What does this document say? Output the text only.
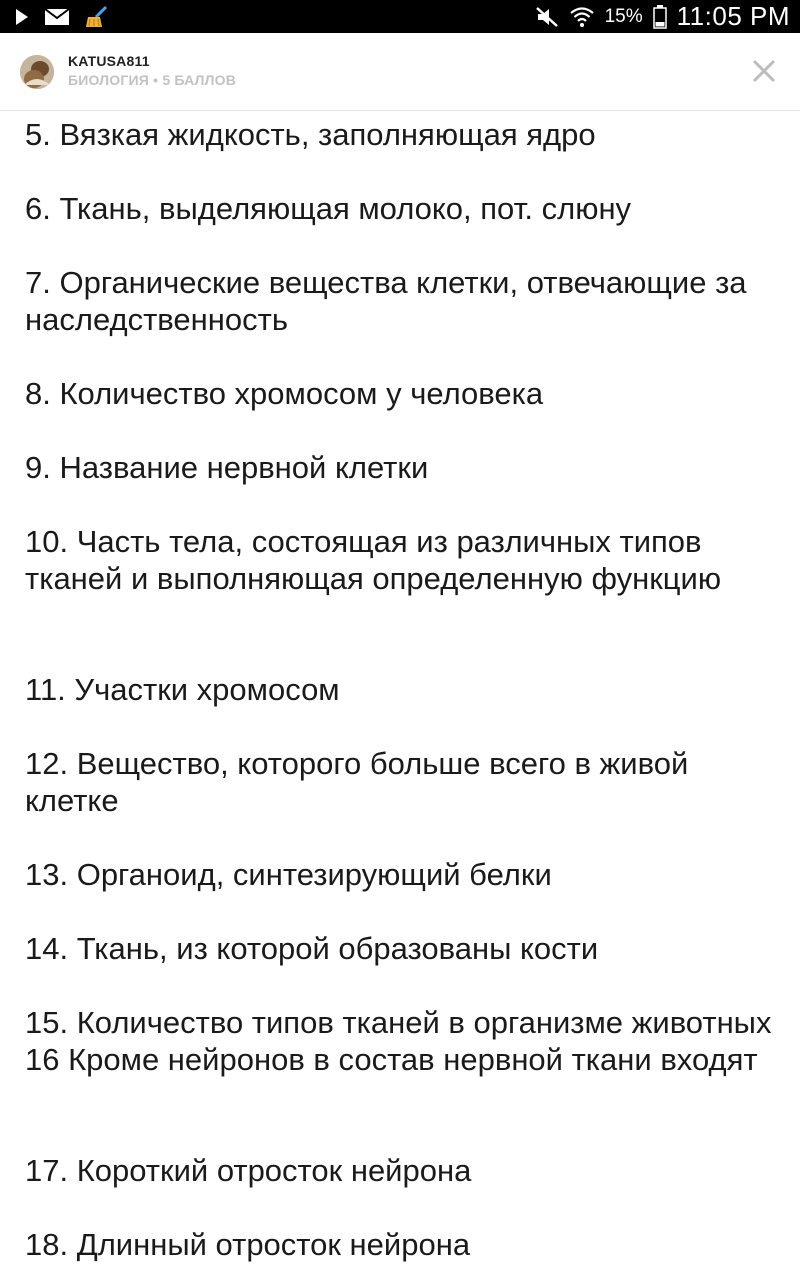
15% 11:05 PM
KATUSA811
БИОЛОГИЯ • 5 БАЛЛОВ
5. Вязкая жидкость, заполняющая ядро
6. Ткань, выделяющая молоко, пот. слюну
7. Органические вещества клетки, отвечающие за наследственность
8. Количество хромосом у человека
9. Название нервной клетки
10. Часть тела, состоящая из различных типов тканей и выполняющая определенную функцию
11. Участки хромосом
12. Вещество, которого больше всего в живой клетке
13. Органоид, синтезирующий белки
14. Ткань, из которой образованы кости
15. Количество типов тканей в организме животных 16 Кроме нейронов в состав нервной ткани входят
17. Короткий отросток нейрона
18. Длинный отросток нейрона
